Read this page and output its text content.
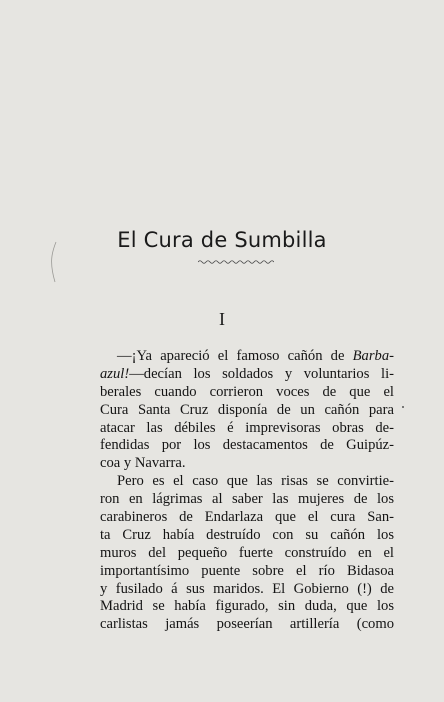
El Cura de Sumbilla
I
—¡Ya apareció el famoso cañón de Barba-
azul!—decían los soldados y voluntarios li-
berales cuando corrieron voces de que el
Cura Santa Cruz disponía de un cañón para
atacar las débiles é imprevisoras obras de-
fendidas por los destacamentos de Guipúz-
coa y Navarra.
Pero es el caso que las risas se convirtie-
ron en lágrimas al saber las mujeres de los
carabineros de Endarlaza que el cura San-
ta Cruz había destruído con su cañón los
muros del pequeño fuerte construído en el
importantísimo puente sobre el río Bidasoa
y fusilado á sus maridos. El Gobierno (!) de
Madrid se había figurado, sin duda, que los
carlistas jamás poseerían artillería (como
